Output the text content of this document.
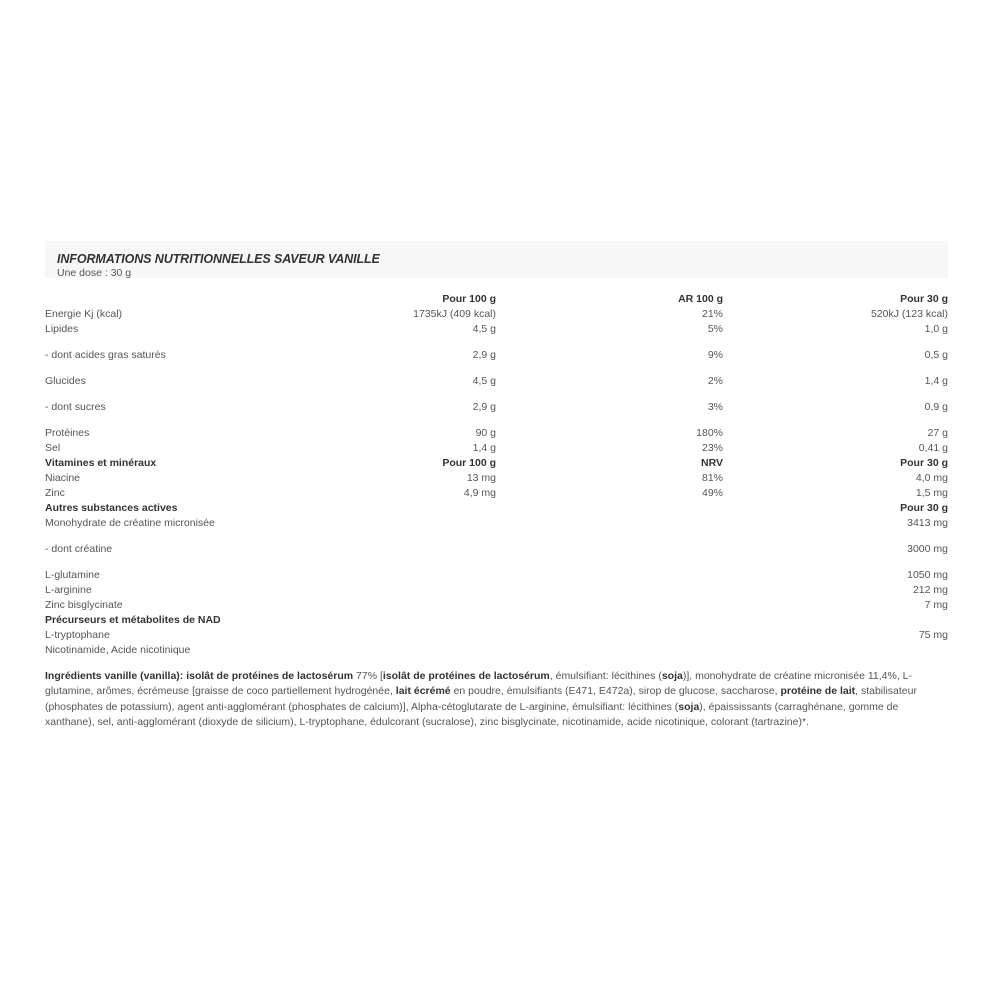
INFORMATIONS NUTRITIONNELLES SAVEUR VANILLE
Une dose : 30 g
	Pour 100 g	AR 100 g	Pour 30 g
Energie Kj (kcal)	1735kJ (409 kcal)	21%	520kJ (123 kcal)
Lipides	4,5 g	5%	1,0 g
- dont acides gras saturés	2,9 g	9%	0,5 g
Glucides	4,5 g	2%	1,4 g
- dont sucres	2,9 g	3%	0,9 g
Protéines	90 g	180%	27 g
Sel	1,4 g	23%	0,41 g
Vitamines et minéraux	Pour 100 g	NRV	Pour 30 g
Niacine	13 mg	81%	4,0 mg
Zinc	4,9 mg	49%	1,5 mg
Autres substances actives			Pour 30 g
Monohydrate de créatine micronisée			3413 mg
- dont créatine			3000 mg
L-glutamine			1050 mg
L-arginine			212 mg
Zinc bisglycinate			7 mg
Précurseurs et métabolites de NAD			
L-tryptophane			75 mg
Nicotinamide, Acide nicotinique			
Ingrédients vanille (vanilla): isolât de protéines de lactosérum 77% [isolât de protéines de lactosérum, émulsifiant: lécithines (soja)], monohydrate de créatine micronisée 11,4%, L-glutamine, arômes, écrémeuse [graisse de coco partiellement hydrogénée, lait écrémé en poudre, émulsifiants (E471, E472a), sirop de glucose, saccharose, protéine de lait, stabilisateur (phosphates de potassium), agent anti-agglomérant (phosphates de calcium)], Alpha-cétoglutarate de L-arginine, émulsifiant: lécithines (soja), épaississants (carraghénane, gomme de xanthane), sel, anti-agglomérant (dioxyde de silicium), L-tryptophane, édulcorant (sucralose), zinc bisglycinate, nicotinamide, acide nicotinique, colorant (tartrazine)*.
